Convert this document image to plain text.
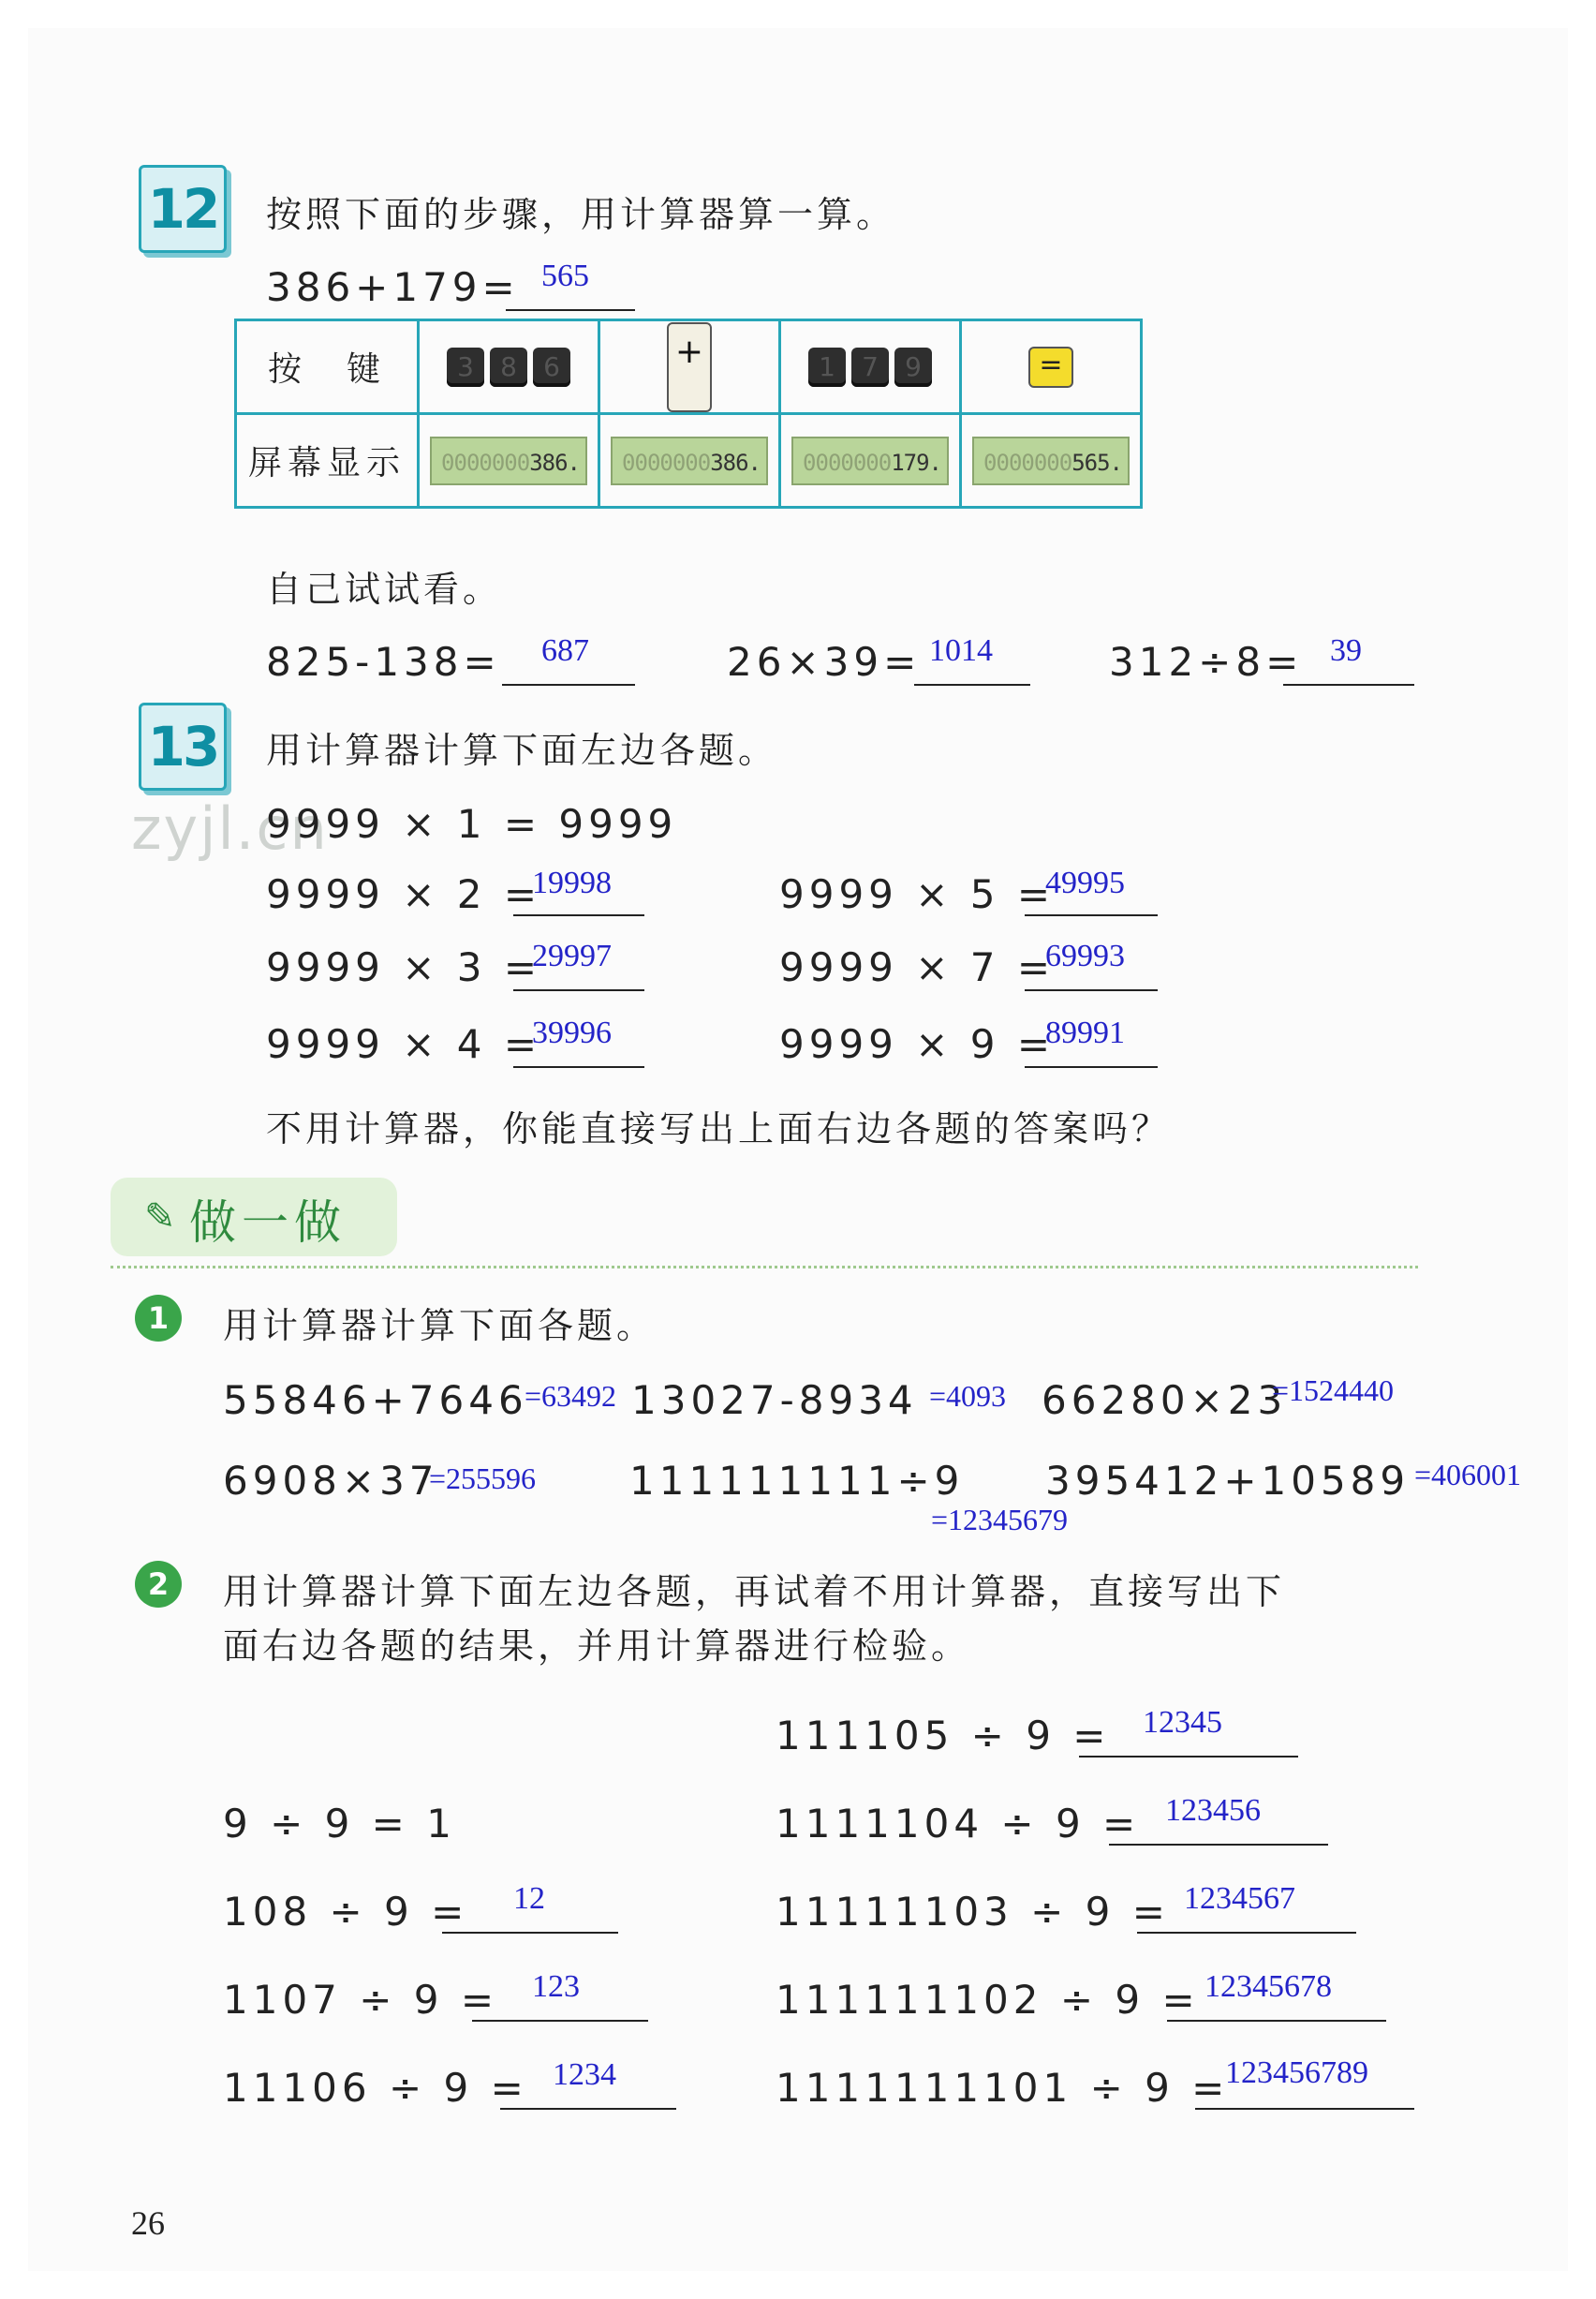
zyjl.cn
12 按照下面的步骤，用计算器算一算。
386+179= 565
按　键	3 8 6	+	1 7 9	=
屏幕显示	0000000386.	0000000386.	0000000179.	0000000565.
自己试试看。
825-138= 687	26×39= 1014	312÷8= 39
13 用计算器计算下面左边各题。
9999 × 1 = 9999
9999 × 2 =
19998
9999 × 3 =
29997
9999 × 4 =
39996
9999 × 5 =
49995
9999 × 7 =
69993
9999 × 9 =
89991
不用计算器，你能直接写出上面右边各题的答案吗？
✎ 做一做
1	用计算器计算下面各题。
55846+7646
=63492 13027-8934 =4093 66280×23
=1524440
6908×37
=255596 111111111÷9
=12345679
395412+10589 =406001
2	用计算器计算下面左边各题，再试着不用计算器，直接写出下
面右边各题的结果，并用计算器进行检验。
9 ÷ 9 = 1
108 ÷ 9 = 12
1107 ÷ 9 = 123
11106 ÷ 9 = 1234
111105 ÷ 9 = 12345
1111104 ÷ 9 = 123456
11111103 ÷ 9 = 1234567
111111102 ÷ 9 = 12345678
1111111101 ÷ 9 =
123456789
26
